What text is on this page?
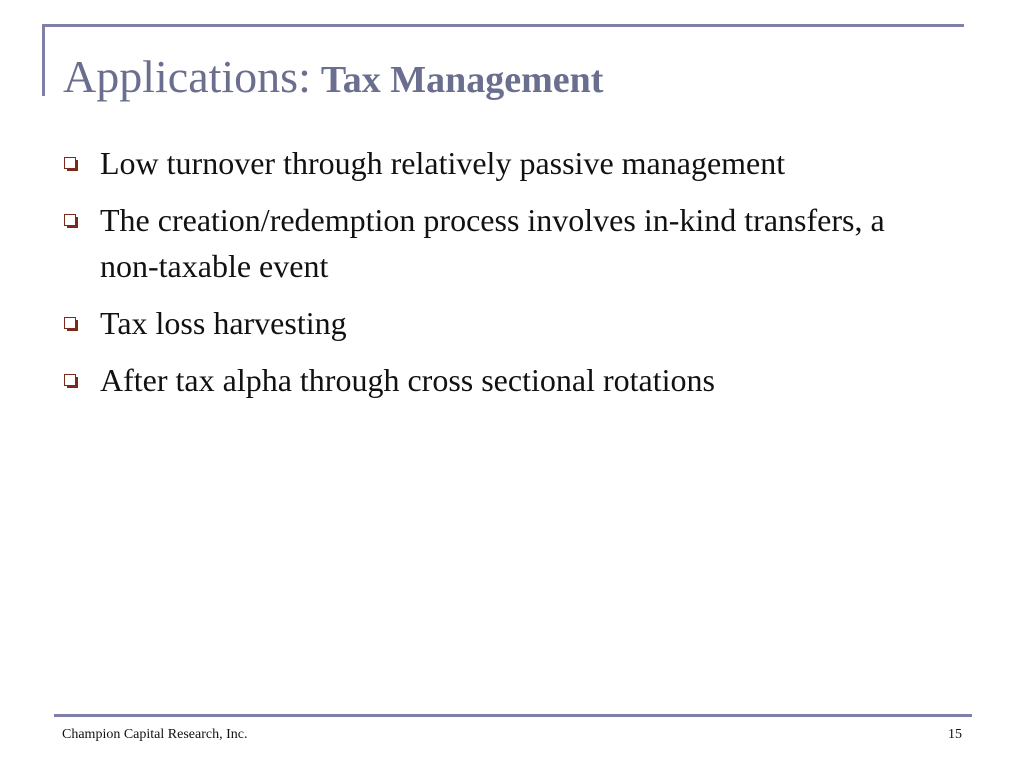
Applications: Tax Management
Low turnover through relatively passive management
The creation/redemption process involves in-kind transfers, a non-taxable event
Tax loss harvesting
After tax alpha through cross sectional rotations
Champion Capital Research, Inc.	15
